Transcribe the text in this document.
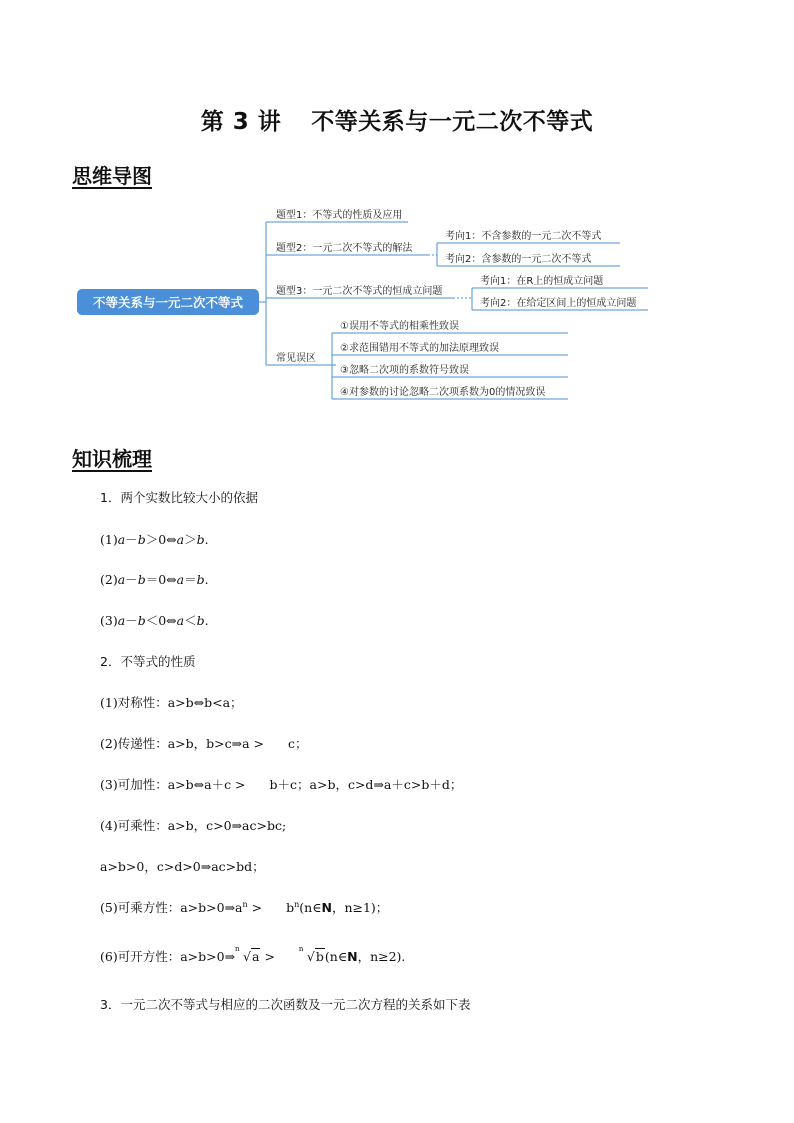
第 3 讲 不等关系与一元二次不等式
思维导图
不等关系与一元二次不等式
题型1：不等式的性质及应用
题型2：一元二次不等式的解法
考向1：不含参数的一元二次不等式
考向2：含参数的一元二次不等式
题型3：一元二次不等式的恒成立问题
考向1：在R上的恒成立问题
考向2：在给定区间上的恒成立问题
常见误区
①误用不等式的相乘性致误
②求范围错用不等式的加法原理致误
③忽略二次项的系数符号致误
④对参数的讨论忽略二次项系数为0的情况致误
知识梳理
1．两个实数比较大小的依据
(1)a－b＞0⇔a＞b.
(2)a－b＝0⇔a＝b.
(3)a－b＜0⇔a＜b.
2．不等式的性质
(1)对称性：a>b⇔b<a；
(2)传递性：a>b，b>c⇒a > c；
(3)可加性：a>b⇔a＋c > b＋c；a>b，c>d⇒a＋c>b＋d；
(4)可乘性：a>b，c>0⇒ac>bc;
a>b>0，c>d>0⇒ac>bd；
(5)可乘方性：$a>b>0\Rightarrow a^n$ > $b^n(n\in N$，n≥1)；
(6)可开方性：a>b>0⇒ n √a >	n √b(n∈N，n≥2).
3．一元二次不等式与相应的二次函数及一元二次方程的关系如下表
